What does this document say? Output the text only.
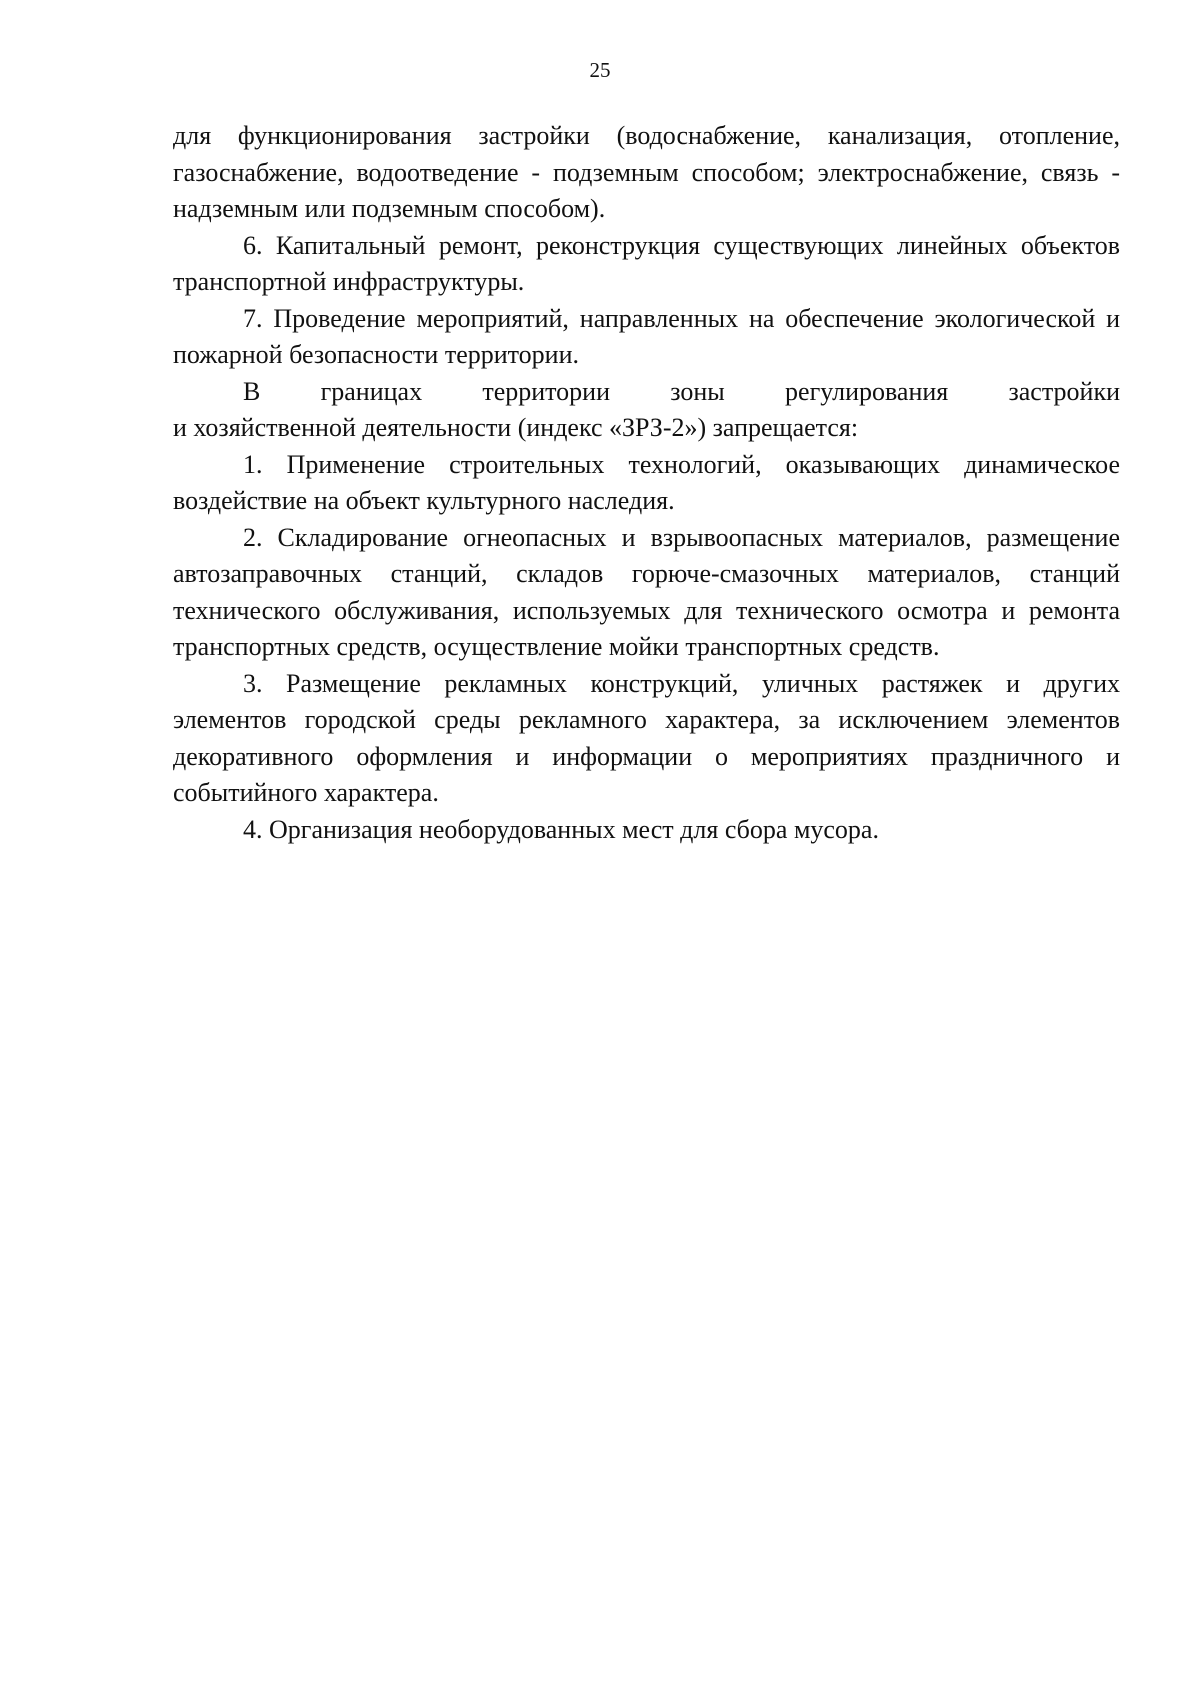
25

для функционирования застройки (водоснабжение, канализация, отопление, газоснабжение, водоотведение - подземным способом; электроснабжение, связь - надземным или подземным способом).

6. Капитальный ремонт, реконструкция существующих линейных объектов транспортной инфраструктуры.

7. Проведение мероприятий, направленных на обеспечение экологической и пожарной безопасности территории.

В границах территории зоны регулирования застройки

и хозяйственной деятельности (индекс «ЗРЗ-2») запрещается:

1. Применение строительных технологий, оказывающих динамическое воздействие на объект культурного наследия.

2. Складирование огнеопасных и взрывоопасных материалов, размещение автозаправочных станций, складов горюче-смазочных материалов, станций технического обслуживания, используемых для технического осмотра и ремонта транспортных средств, осуществление мойки транспортных средств.

3. Размещение рекламных конструкций, уличных растяжек и других элементов городской среды рекламного характера, за исключением элементов декоративного оформления и информации о мероприятиях праздничного и событийного характера.

4. Организация необорудованных мест для сбора мусора.
